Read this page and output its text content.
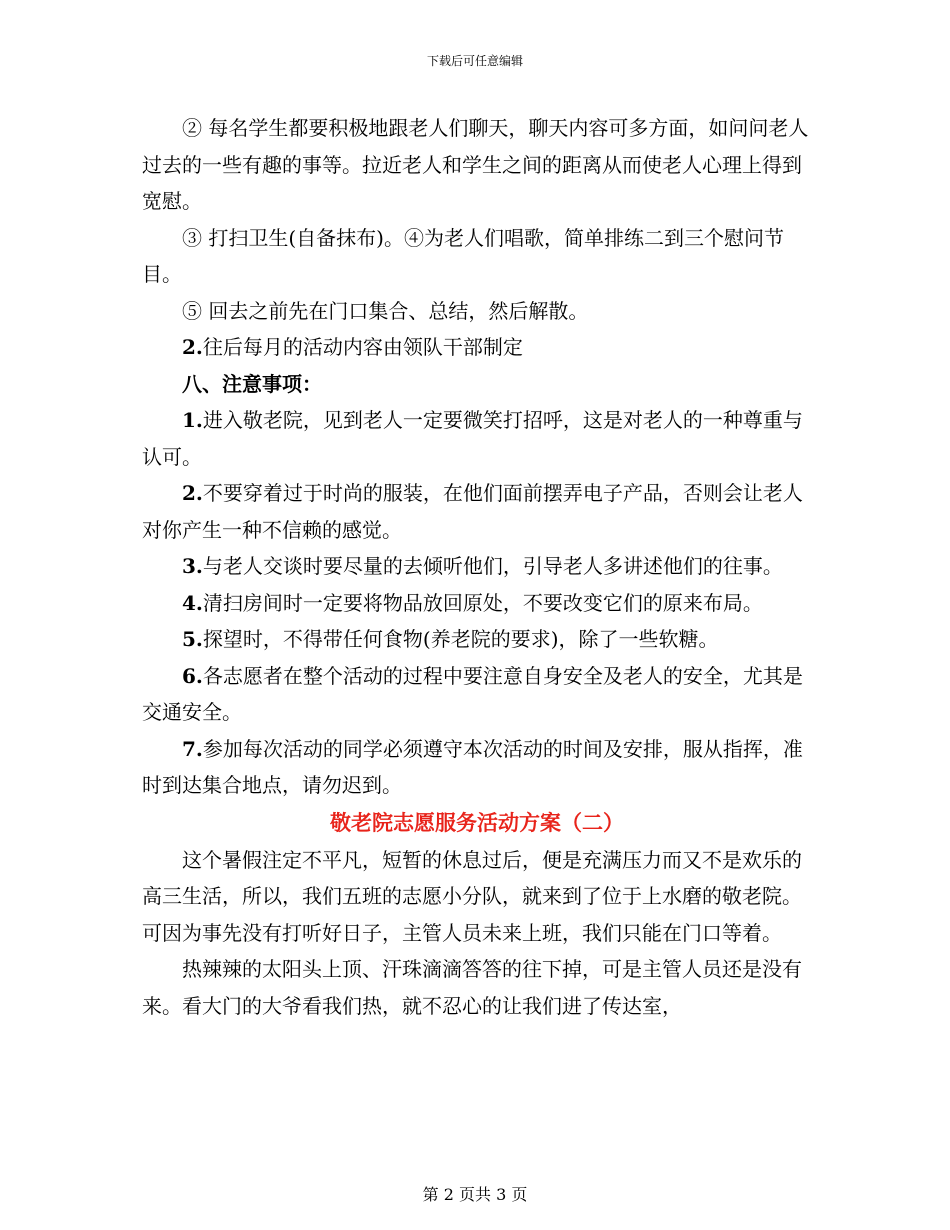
下载后可任意编辑

② 每名学生都要积极地跟老人们聊天，聊天内容可多方面，如问问老人过去的一些有趣的事等。拉近老人和学生之间的距离从而使老人心理上得到宽慰。

③ 打扫卫生(自备抹布)。④为老人们唱歌，简单排练二到三个慰问节目。

⑤ 回去之前先在门口集合、总结，然后解散。

2.往后每月的活动内容由领队干部制定

八、注意事项：

1.进入敬老院，见到老人一定要微笑打招呼，这是对老人的一种尊重与认可。

2.不要穿着过于时尚的服装，在他们面前摆弄电子产品，否则会让老人对你产生一种不信赖的感觉。

3.与老人交谈时要尽量的去倾听他们，引导老人多讲述他们的往事。

4.清扫房间时一定要将物品放回原处，不要改变它们的原来布局。

5.探望时，不得带任何食物(养老院的要求)，除了一些软糖。

6.各志愿者在整个活动的过程中要注意自身安全及老人的安全，尤其是交通安全。

7.参加每次活动的同学必须遵守本次活动的时间及安排，服从指挥，准时到达集合地点，请勿迟到。

敬老院志愿服务活动方案（二）

这个暑假注定不平凡，短暂的休息过后，便是充满压力而又不是欢乐的高三生活，所以，我们五班的志愿小分队，就来到了位于上水磨的敬老院。可因为事先没有打听好日子，主管人员未来上班，我们只能在门口等着。

热辣辣的太阳头上顶、汗珠滴滴答答的往下掉，可是主管人员还是没有来。看大门的大爷看我们热，就不忍心的让我们进了传达室，

第 2 页共 3 页
